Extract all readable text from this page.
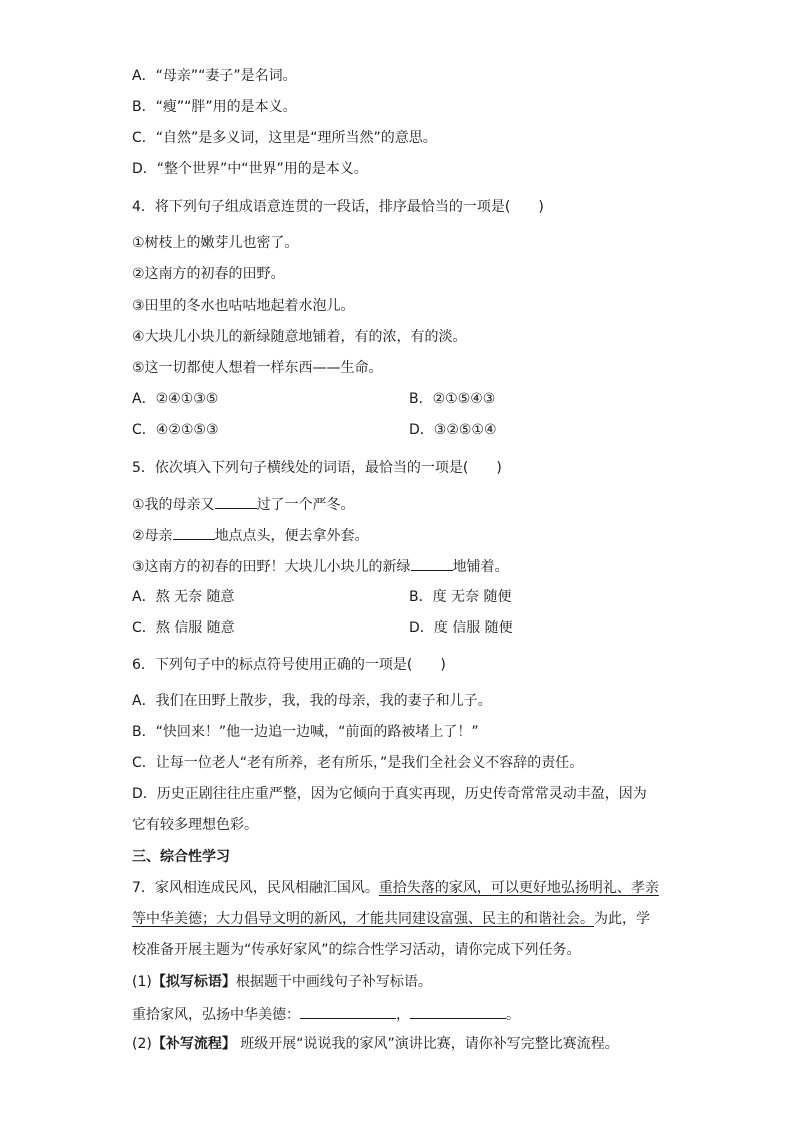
A．“母亲”“妻子”是名词。
B．“瘦”“胖”用的是本义。
C．“自然”是多义词，这里是“理所当然”的意思。
D．“整个世界”中“世界”用的是本义。
4．将下列句子组成语意连贯的一段话，排序最恰当的一项是(　　)
①树枝上的嫩芽儿也密了。
②这南方的初春的田野。
③田里的冬水也咕咕地起着水泡儿。
④大块儿小块儿的新绿随意地铺着，有的浓，有的淡。
⑤这一切都使人想着一样东西——生命。
A．②④①③⑤	B．②①⑤④③
C．④②①⑤③	D．③②⑤①④
5．依次填入下列句子横线处的词语，最恰当的一项是(　　)
①我的母亲又	过了一个严冬。
②母亲	地点点头，便去拿外套。
③这南方的初春的田野！大块儿小块儿的新绿	地铺着。
A．熬 无奈 随意	B．度 无奈 随便
C．熬 信服 随意	D．度 信服 随便
6．下列句子中的标点符号使用正确的一项是(　　)
A．我们在田野上散步，我，我的母亲，我的妻子和儿子。
B．“快回来！”他一边追一边喊，“前面的路被堵上了！”
C．让每一位老人“老有所养，老有所乐，”是我们全社会义不容辞的责任。
D．历史正剧往往庄重严整，因为它倾向于真实再现，历史传奇常常灵动丰盈，因为
它有较多理想色彩。
三、综合性学习
7．家风相连成民风，民风相融汇国风。重拾失落的家风，可以更好地弘扬明礼、孝亲
等中华美德；大力倡导文明的新风，才能共同建设富强、民主的和谐社会。为此，学
校准备开展主题为“传承好家风”的综合性学习活动，请你完成下列任务。
(1)【拟写标语】根据题干中画线句子补写标语。
重拾家风，弘扬中华美德：	，	。
(2)【补写流程】 班级开展“说说我的家风”演讲比赛，请你补写完整比赛流程。
